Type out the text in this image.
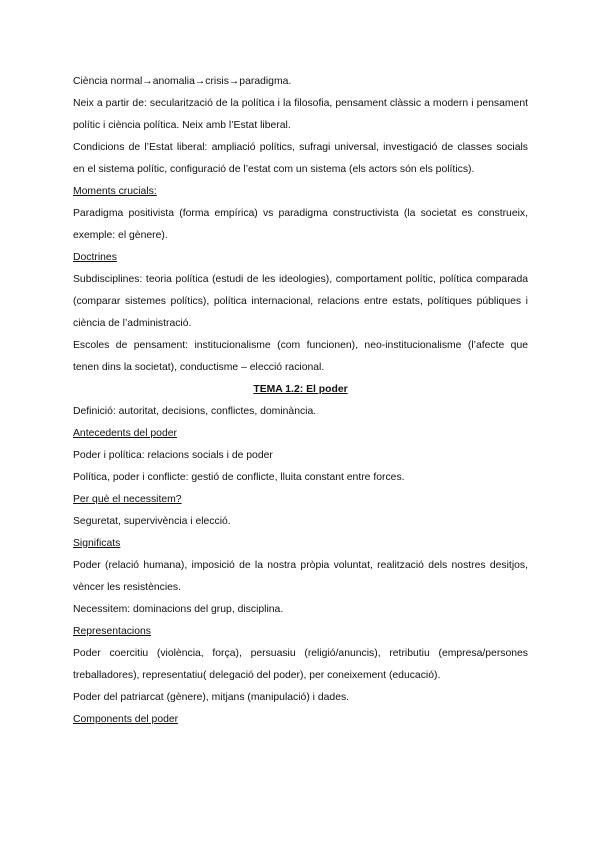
Ciència normal→anomalia→crisis→paradigma.

Neix a partir de: secularització de la política i la filosofia, pensament clàssic a modern i pensament polític i ciència política. Neix amb l’Estat liberal.

Condicions de l’Estat liberal: ampliació polítics, sufragi universal, investigació de classes socials en el sistema polític, configuració de l’estat com un sistema (els actors són els polítics).

Moments crucials:

Paradigma positivista (forma empírica) vs paradigma constructivista (la societat es construeix, exemple: el gènere).

Doctrines

Subdisciplines: teoria política (estudi de les ideologies), comportament polític, política comparada (comparar sistemes polítics), política internacional, relacions entre estats, polítiques públiques i ciència de l’administració.

Escoles de pensament: institucionalisme (com funcionen), neo-institucionalisme (l’afecte que tenen dins la societat), conductisme – elecció racional.

TEMA 1.2: El poder

Definició: autoritat, decisions, conflictes, dominància.

Antecedents del poder

Poder i política: relacions socials i de poder

Política, poder i conflicte: gestió de conflicte, lluita constant entre forces.

Per què el necessitem?

Seguretat, supervivència i elecció.

Significats

Poder (relació humana), imposició de la nostra pròpia voluntat, realització dels nostres desitjos, vèncer les resistències.

Necessitem: dominacions del grup, disciplina.

Representacions

Poder coercitiu (violència, força), persuasiu (religió/anuncis), retributiu (empresa/persones treballadores), representatiu( delegació del poder), per coneixement (educació).

Poder del patriarcat (gènere), mitjans (manipulació) i dades.

Components del poder
